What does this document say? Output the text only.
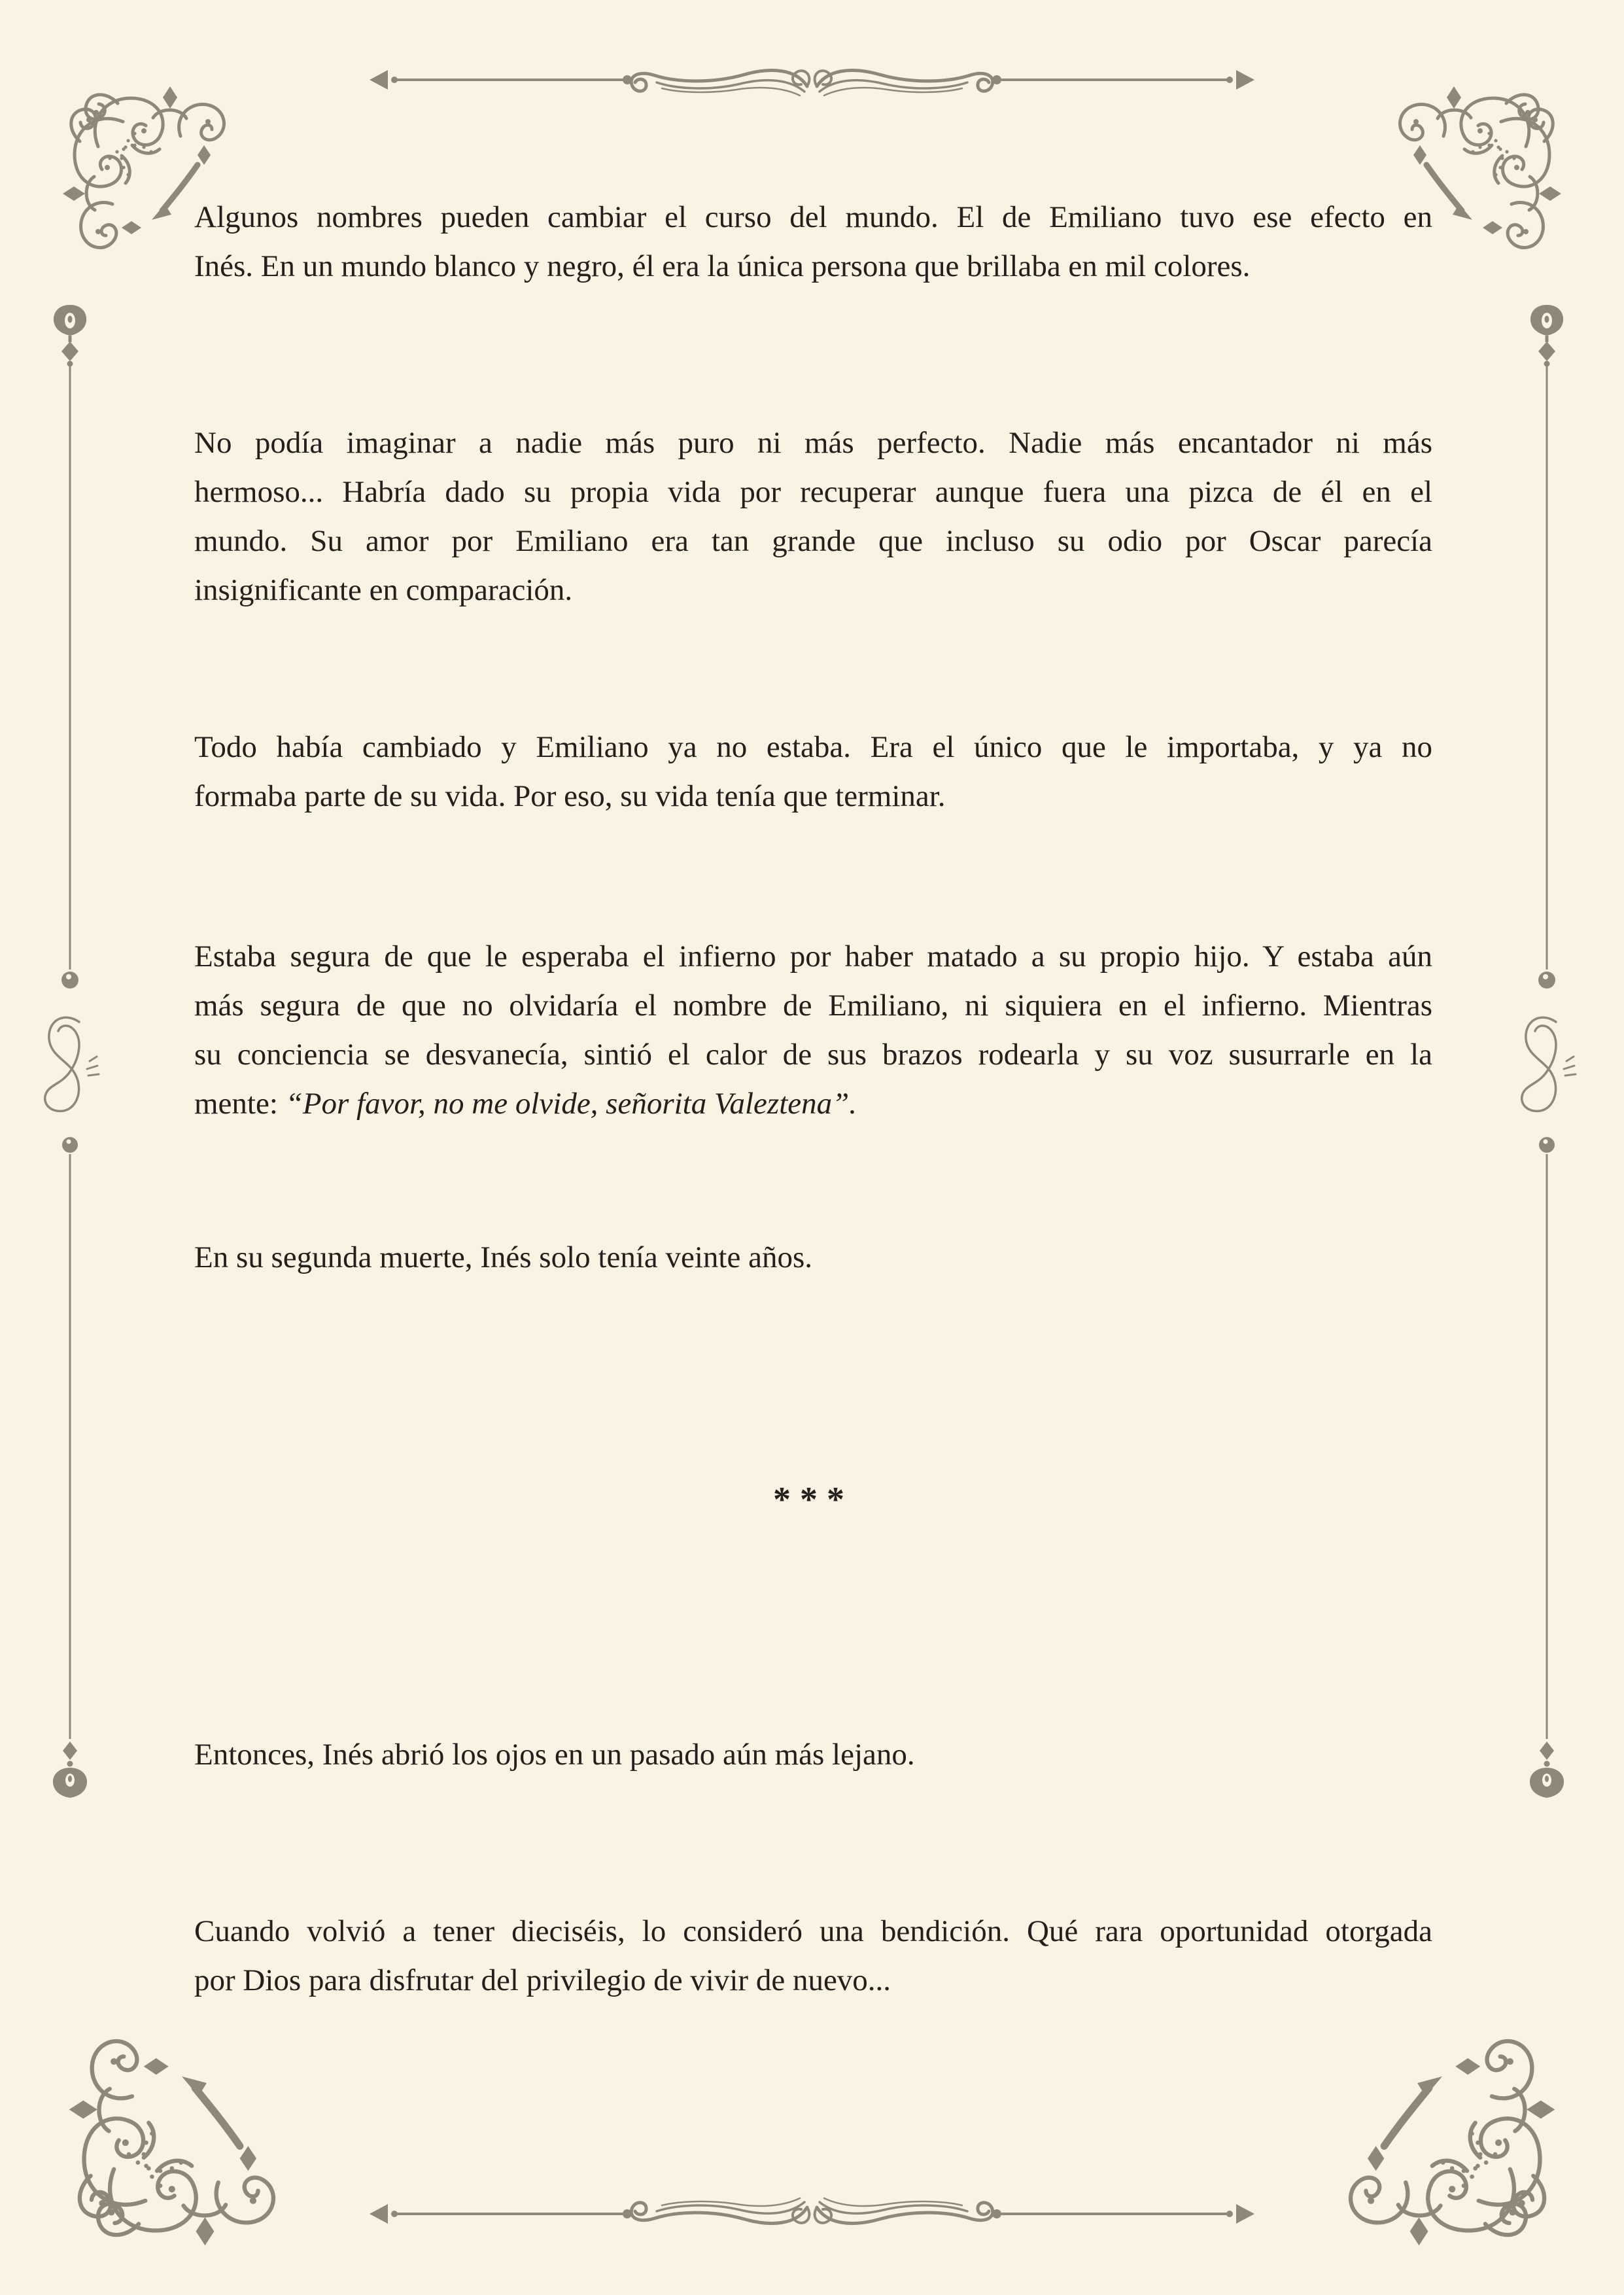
Algunos nombres pueden cambiar el curso del mundo. El de Emiliano tuvo ese efecto en
Inés. En un mundo blanco y negro, él era la única persona que brillaba en mil colores.

No podía imaginar a nadie más puro ni más perfecto. Nadie más encantador ni más
hermoso... Habría dado su propia vida por recuperar aunque fuera una pizca de él en el
mundo. Su amor por Emiliano era tan grande que incluso su odio por Oscar parecía
insignificante en comparación.

Todo había cambiado y Emiliano ya no estaba. Era el único que le importaba, y ya no
formaba parte de su vida. Por eso, su vida tenía que terminar.

Estaba segura de que le esperaba el infierno por haber matado a su propio hijo. Y estaba aún
más segura de que no olvidaría el nombre de Emiliano, ni siquiera en el infierno. Mientras
su conciencia se desvanecía, sintió el calor de sus brazos rodearla y su voz susurrarle en la
mente: “Por favor, no me olvide, señorita Valeztena”.

En su segunda muerte, Inés solo tenía veinte años.

***

Entonces, Inés abrió los ojos en un pasado aún más lejano.

Cuando volvió a tener dieciséis, lo consideró una bendición. Qué rara oportunidad otorgada
por Dios para disfrutar del privilegio de vivir de nuevo...
